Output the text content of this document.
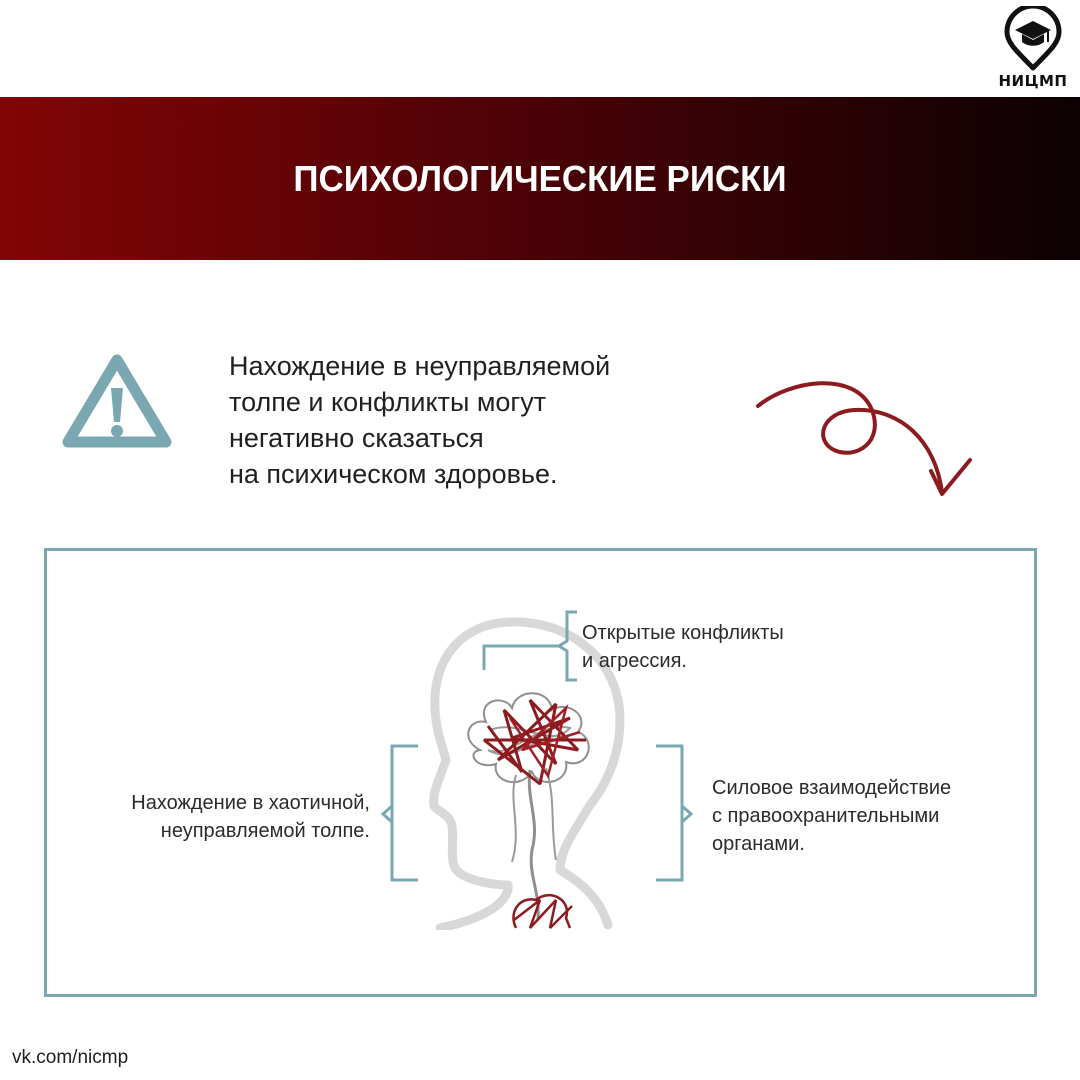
НИЦМП
ПСИХОЛОГИЧЕСКИЕ РИСКИ

Нахождение в неуправляемой
толпе и конфликты могут
негативно сказаться
на психическом здоровье.

Открытые конфликты
и агрессия.
Нахождение в хаотичной,
неуправляемой толпе.
Силовое взаимодействие
с правоохранительными
органами.
vk.com/nicmp
